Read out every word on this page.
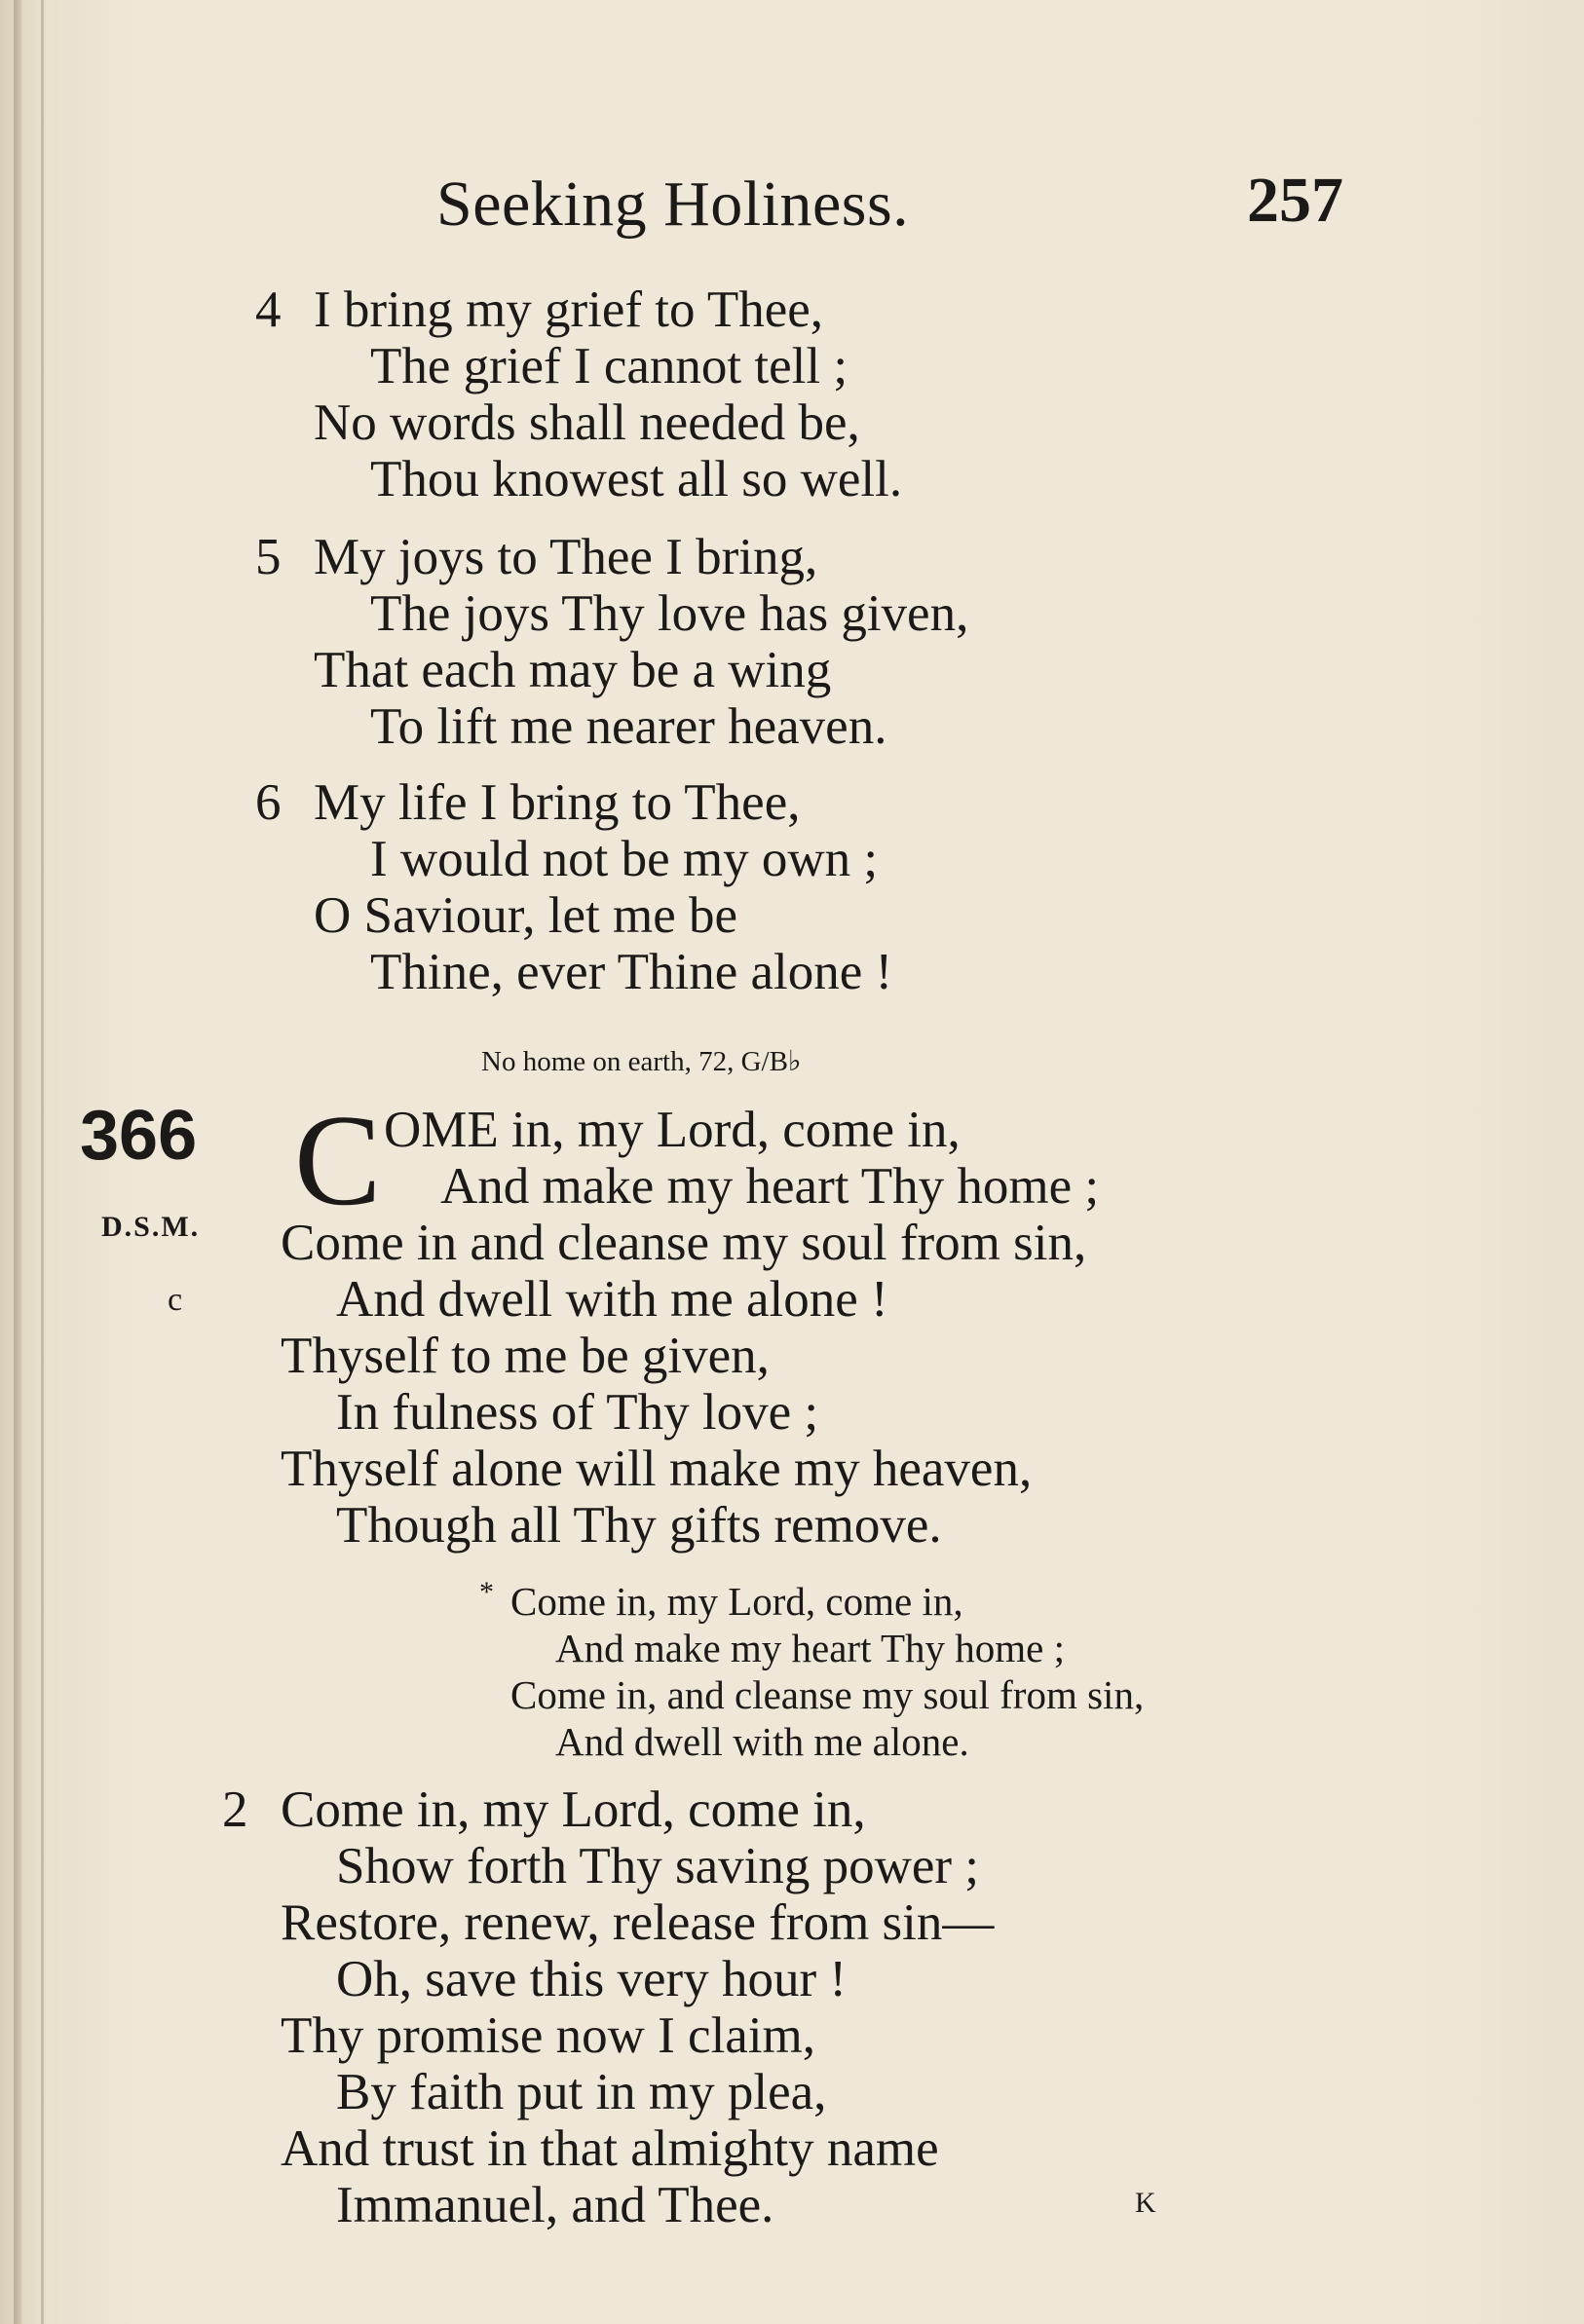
Seeking Holiness.	257
4 I bring my grief to Thee,
The grief I cannot tell ;
No words shall needed be,
Thou knowest all so well.
5 My joys to Thee I bring,
The joys Thy love has given,
That each may be a wing
To lift me nearer heaven.
6 My life I bring to Thee,
I would not be my own ;
O Saviour, let me be
Thine, ever Thine alone !
No home on earth, 72, G/B♭
366
D.S.M.
c
C OME in, my Lord, come in,
And make my heart Thy home ;
Come in and cleanse my soul from sin,
And dwell with me alone !
Thyself to me be given,
In fulness of Thy love ;
Thyself alone will make my heaven,
Though all Thy gifts remove.
* Come in, my Lord, come in,
And make my heart Thy home ;
Come in, and cleanse my soul from sin,
And dwell with me alone.
2 Come in, my Lord, come in,
Show forth Thy saving power ;
Restore, renew, release from sin—
Oh, save this very hour !
Thy promise now I claim,
By faith put in my plea,
And trust in that almighty name
Immanuel, and Thee.	K
